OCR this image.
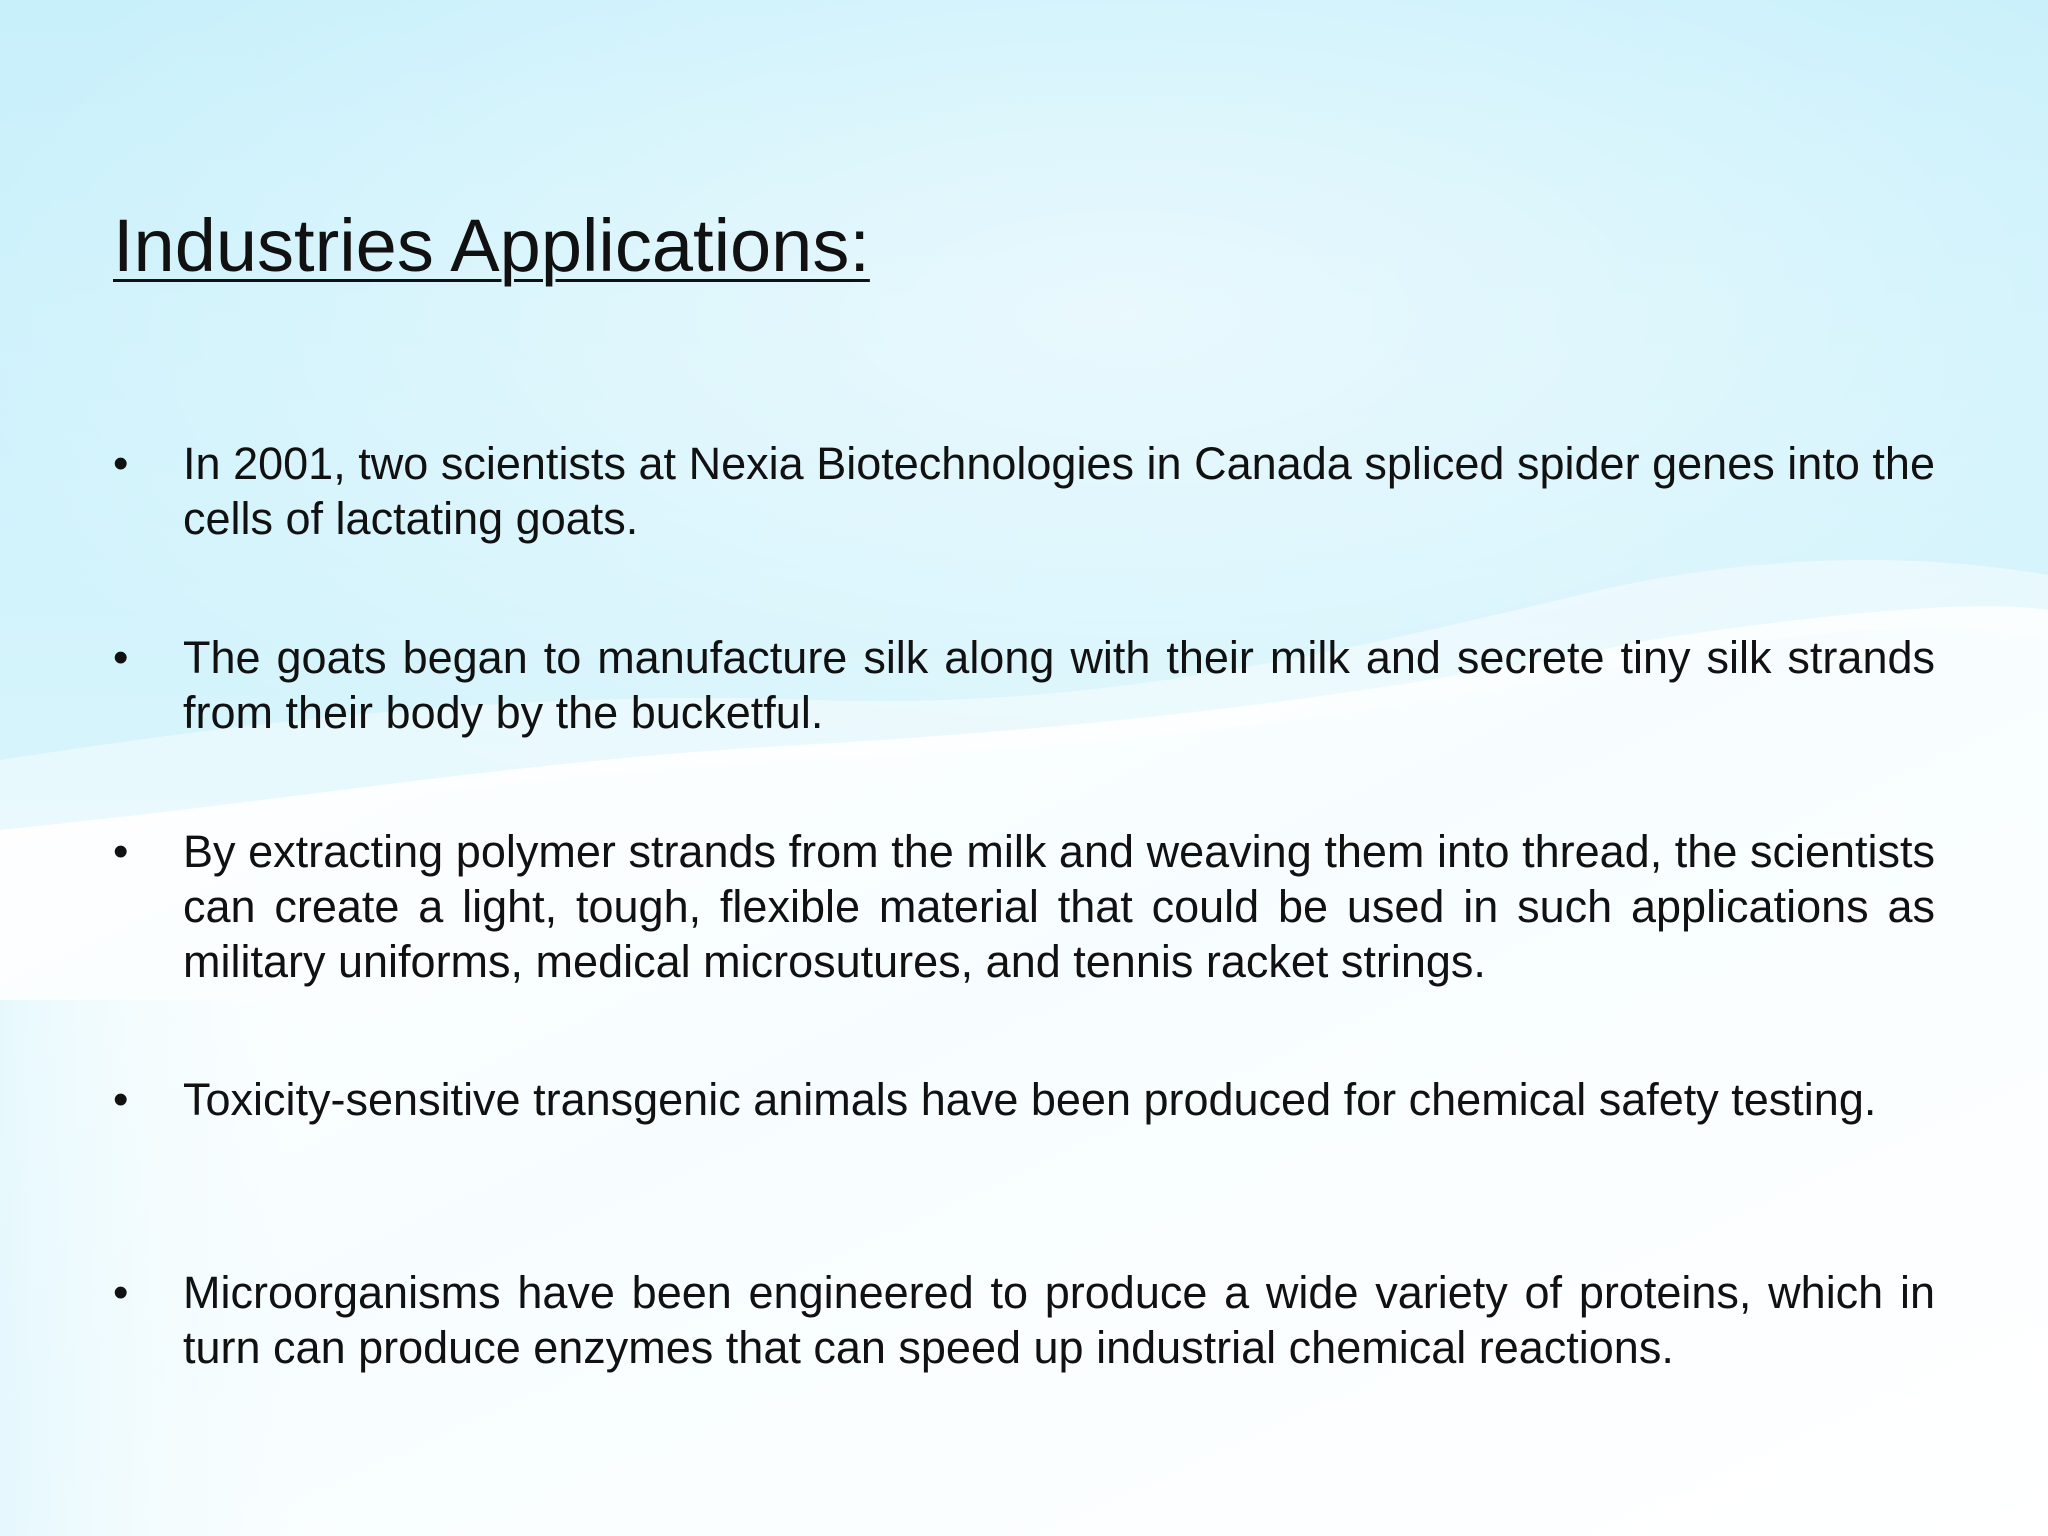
Industries Applications:
•	In 2001, two scientists at Nexia Biotechnologies in Canada spliced spider genes into the cells of lactating goats.
•	The goats began to manufacture silk along with their milk and secrete tiny silk strands from their body by the bucketful.
•	By extracting polymer strands from the milk and weaving them into thread, the scientists can create a light, tough, flexible material that could be used in such applications as military uniforms, medical microsutures, and tennis racket strings.
•	Toxicity-sensitive transgenic animals have been produced for chemical safety testing.
•	Microorganisms have been engineered to produce a wide variety of proteins, which in turn can produce enzymes that can speed up industrial chemical reactions.
